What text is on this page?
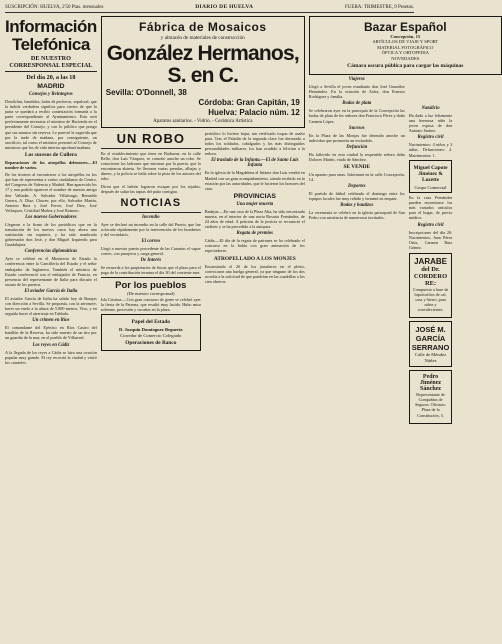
SUSCRIPCIÓN: HUELVA, 2'50 Ptas. mensuales	DIARIO DE HUELVA	FUERA: TRIMESTRE, 9 Pesetas.
Información Telefónica
DE NUESTRO CORRESPONSAL ESPECIAL
Del día 20, a las 18
MADRID
Consejos y Reintegros

Desdichas, bandidos, balas de pecheros, sepulcral, que la índole verdadera significa para ciertos de que la junta se quedará a recibir contestación formada a la parte correspondiente al Ayuntamiento. Esta será perfectamente necesaria el ministro de Hacienda en el presidente del Consejo, y con lo público que pongo que sus asuntos sin reserva. Le pareció la sugerida que por la tarde de mañana, por consiguiente, un sacrificio, tal como el ministro presentó al Consejo de ministros que los de vida interior aprobará mañana.

Los sucesos de Cullera

Reparaciones de los atropellos defensores.—El nombre de varios.

De los tiroteos al encontrarse a los atropellos en los que han de representar a varios ciudadanos de Centro, del Congreso de Valencia y Madrid. Han aparecido los 17 y aun podido aparecer el nombre de nuestro amigo don Valladar, A. Salvador Villalonga; Bernaldo Guerra, A. Díaz, Chaves; por ello, Salvador Martín, Antonio Ruiz y José Ferrer, José Diez, José Velázquez, Cristóbal Muñoz y José Romero.

Los nuevos Gobernadores

Llegaron a la firma de los periódicos que en la tramitación de los nuevos casos hay ahora una sustitución sin suprimir, y ha sido nombrado gobernador don José, y don Miguel Izquierdo para Guadalajara.

Conferencias diplomáticas

Ayer se celebró en el Ministerio de Estado la conferencia entre la Cancillería del Estado y el señor embajador de Inglaterra. También el ministro de Estado conferenció con el embajador de Francia, en presencia del representante de Italia para discutir el asunto de los puertos.

El aviador García de Italia

El aviador García de Italia ha salido hoy de Barajas con dirección a Sevilla. Se proponía, con la aeronave, hacer un vuelo a la altura de 5.000 metros, Viso, y en seguida hacer el aterrizaje en Tablada.

Un crimen en Ríos

El comandante del Ejército en Ríos Castro del batallón de la Reserva, ha sido muerto de un tiro por un guardia de la mar, en el pueblo de Villarreal.

Los reyes en Cádiz

A la llegada de los reyes a Cádiz se hizo una ovación popular muy grande. El rey recorrió la ciudad y visitó los cuarteles.

Fábrica de Mosaicos
y almacén de materiales de construcción
González Hermanos, S. en C.
Sevilla: O'Donnell, 38
Córdoba: Gran Capitán, 19
Huelva: Palacio núm. 12
Aparatos sanitarios. - Vidrio. - Cerámica Artística
UN ROBO

En el establecimiento que tiene en Barbazas, en la calle Bello, don Luis Vázquez, se cometió anoche un robo. Se conocieron los ladrones que entraron por la puerta, que la encontraron abierta. Se llevaron varias prendas, alhajas y dinero, y la policía se halla sobre la pista de los autores del robo.

Dicen que el ladrón lograron escapar por los tejados, después de saltar las tapias del patio contiguo.

NOTICIAS
Incendio

Ayer se declaró un incendio en la calle del Puerto, que fue sofocado rápidamente por la intervención de los bomberos y del vecindario.

El correo

Llegó a nuestro puerto procedente de las Canarias el vapor correo, con pasajeros y carga general.

De Interés

Se recuerda a los propietarios de fincas que el plazo para el pago de la contribución termina el día 30 del corriente mes.

Por los pueblos
(De nuestro corresponsal)

Isla Cristina.—Con gran concurso de gente se celebró ayer la fiesta de la Patrona, que resultó muy lucida. Hubo misa solemne, procesión y cucañas en la plaza.

Papel del Estado
D. Joaquín Domínguez Beguería
Corredor de Comercio Colegiado
Operaciones de Banco

periódico lo hiciese bajar, tan verificado tropas de asalto para. Tras el Paladín de la segunda clase fue derrotado a todos los soldados, cabalgados y los más distinguidos personalidades militares, los han acudido a felicitar a la señora.

El traslado de la Infanta.—El de Santo Luis Infanta

En la iglesia de la Magdalena el Infante don Luis vendrá en Madrid con un gran acompañamiento, siendo recibido en la estación por las autoridades, que le hicieron los honores del caso.

PROVINCIAS
Una mujer muerta

Badajoz.—En una casa de la Plaza Alta, ha sido encontrada muerta, en el interior de una noria Rosario Fernández, de 24 años de edad. A petición de la justicia se reconoció el cadáver y se ha procedido a la autopsia.

Regata de premios

Cádiz.—El día de la regata de patrones se ha celebrado el concurso en la bahía con gran animación de los espectadores.

ATROPELLADO A LOS MONJES

Encarnizado el 20 de los jornaleros en el pleito, convocaron una huelga general, ya que ninguno de los dos accedía a la solicitud de que pondrían en las cuadrillas a los cien obreros.

Bazar Español
Concepción, 15
ARTÍCULOS DE VIAJE Y SPORT
MATERIAL FOTOGRÁFICO
ÓPTICA Y ORTOPEDIA
NOVEDADES
Cámara oscura pública para cargar las máquinas
Viajeros

Llegó a Sevilla el joven estudiante don José González Hernández. En la estación de Zafra, don Ernesto Rodríguez y familia.

Bodas de plata

Se celebraron ayer en la parroquia de la Concepción las bodas de plata de los señores don Francisco Pérez y doña Carmen López.

Sucesos

En la Plaza de las Monjas fue detenido anoche un individuo que promovía un escándalo.

Defunción

Ha fallecido en esta ciudad la respetable señora doña Dolores Martín, viuda de Sánchez.

SE VENDE

Un aparato para ratas. Informará en la calle Concepción, 14.

Deportes

El partido de fútbol celebrado el domingo entre los equipos locales fue muy reñido y terminó en empate.

Bodas y bautizos

La ceremonia se celebró en la iglesia parroquial de San Pedro con asistencia de numerosos invitados.

Natalicio

Ha dado a luz felizmente una hermosa niña la joven esposa de don Antonio Suárez.

Registro civil

Nacimientos: 4 niños y 3 niñas. Defunciones: 2. Matrimonios: 1.

Miguel Capote Jiménez & Lozette
Grupo Comercial

En la casa Fernández pueden encontrarse los más variados artículos para el hogar, de precio módico.

Registro civil

Inscripciones del día 20: Nacimientos, Juan Pérez Ortiz, Carmen Ruiz Gómez.

JARABE
del Dr. CORDERO RE:

Compuesto a base de hipofosfitos de cal, sosa y hierro, para niños y convalecientes.

JOSÉ M. GARCÍA SERRANO
Calle de Méndez Núñez
Pedro Jiménez Sánchez

Representante de Compañías de Seguros. Oficinas: Plaza de la Constitución, 5.
